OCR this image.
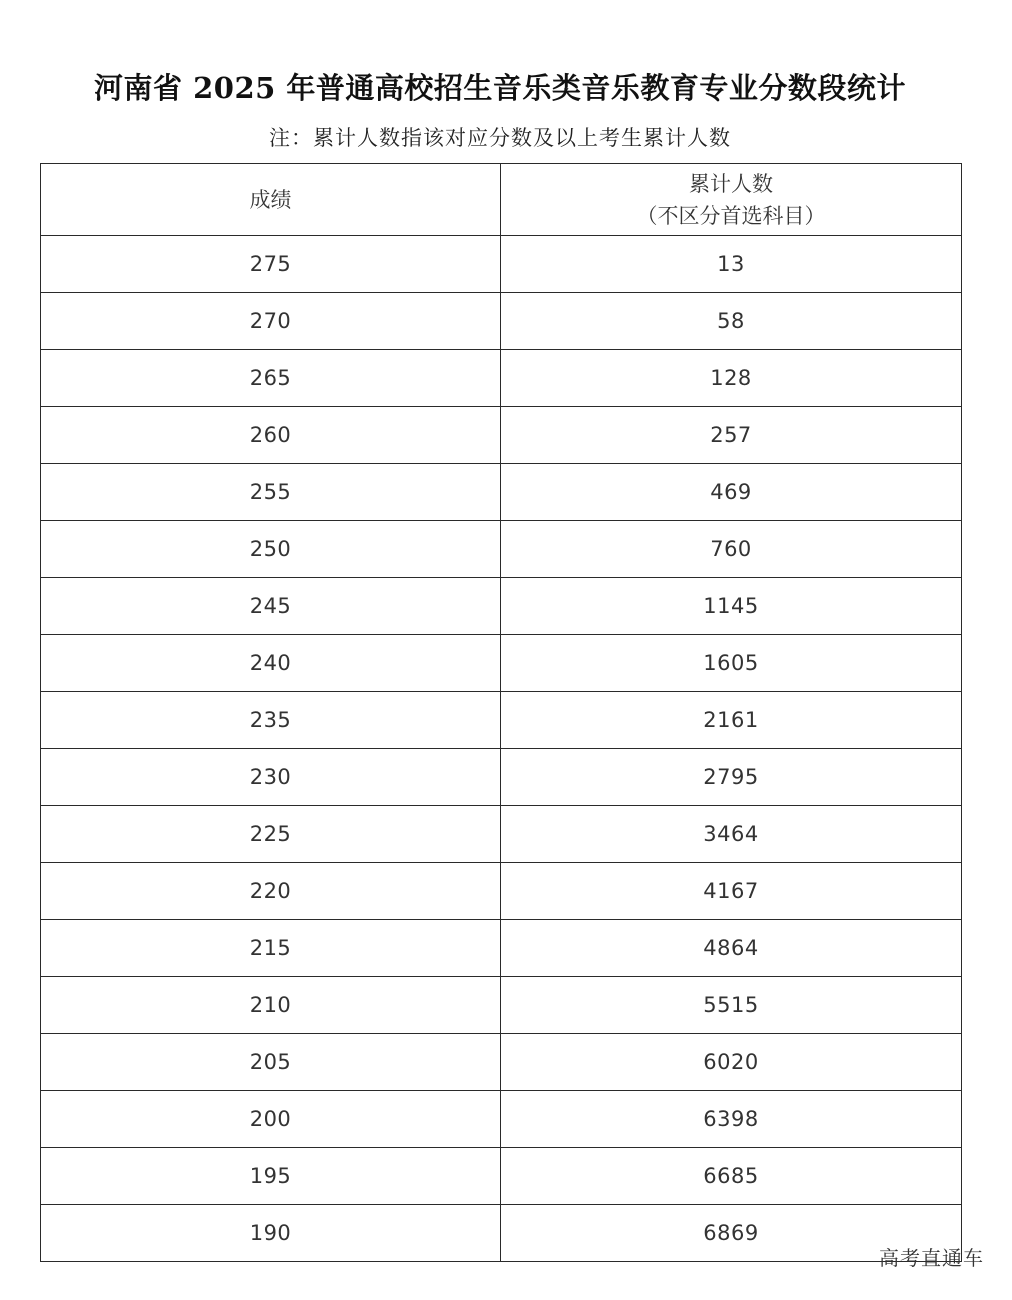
河南省 2025 年普通高校招生音乐类音乐教育专业分数段统计
注：累计人数指该对应分数及以上考生累计人数
成绩	累计人数
（不区分首选科目）

275	13
270	58
265	128
260	257
255	469
250	760
245	1145
240	1605
235	2161
230	2795
225	3464
220	4167
215	4864
210	5515
205	6020
200	6398
195	6685
190	6869
高考直通车
